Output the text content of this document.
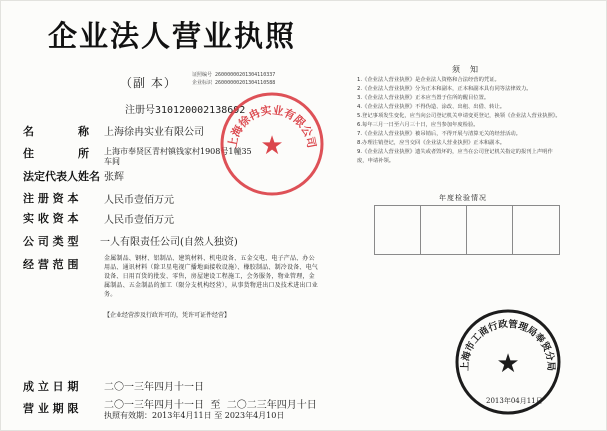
企业法人营业执照
（副 本）
证照编号 26000000201304110337
企业标识 26000000201304110588
注册号310120002138692
名　　　　称 上海徐冉实业有限公司
住　　　　所 上海市奉贤区青村镇钱家村1908号1幢35
车间
法定代表人姓名 张辉
注 册 资 本	人民币壹佰万元
实 收 资 本	人民币壹佰万元
公 司 类 型 一人有限责任公司(自然人独资)
经 营 范 围	金属制品、钢材、铝制品、建筑材料、机电设备、五金交电、电子产品、办公用品、通讯材料（除卫星电视广播地面接收设施）、橡胶制品、制冷设备、电气设备、日用百货的批发、零售，房屋建设工程施工，会务服务，物业管理，金属制品、五金制品的加工（限分支机构经营），从事货物进出口及技术进出口业务。
【企业经营涉及行政许可的，凭许可证件经营】
成 立 日 期	二〇一三年四月十一日
营 业 期 限	二〇一三年四月十一日 至 二〇二三年四月十日
执照有效期：2013年4月11日 至 2023年4月10日
上海徐冉实业有限公司
★
须知
1.《企业法人营业执照》是企业法人资格和合法经营的凭证。
2.《企业法人营业执照》分为正本和副本，正本和副本具有同等法律效力。
3.《企业法人营业执照》正本应当置于住所的醒目位置。
4.《企业法人营业执照》不得伪造、涂改、出租、出借、转让。
5.登记事项发生变化，应当向公司登记机关申请变更登记，换领《企业法人营业执照》。
6.每年三月一日至六月三十日，应当参加年度检验。
7.《企业法人营业执照》被吊销后，不得开展与清算无关的经营活动。
8.办理注销登记，应当交回《企业法人营业执照》正本和副本。
9.《企业法人营业执照》遗失或者毁坏的，应当在公司登记机关指定的报刊上声明作废，申请补领。
年度检验情况
上海市工商行政管理局奉贤分局
★
2013年04月11日
